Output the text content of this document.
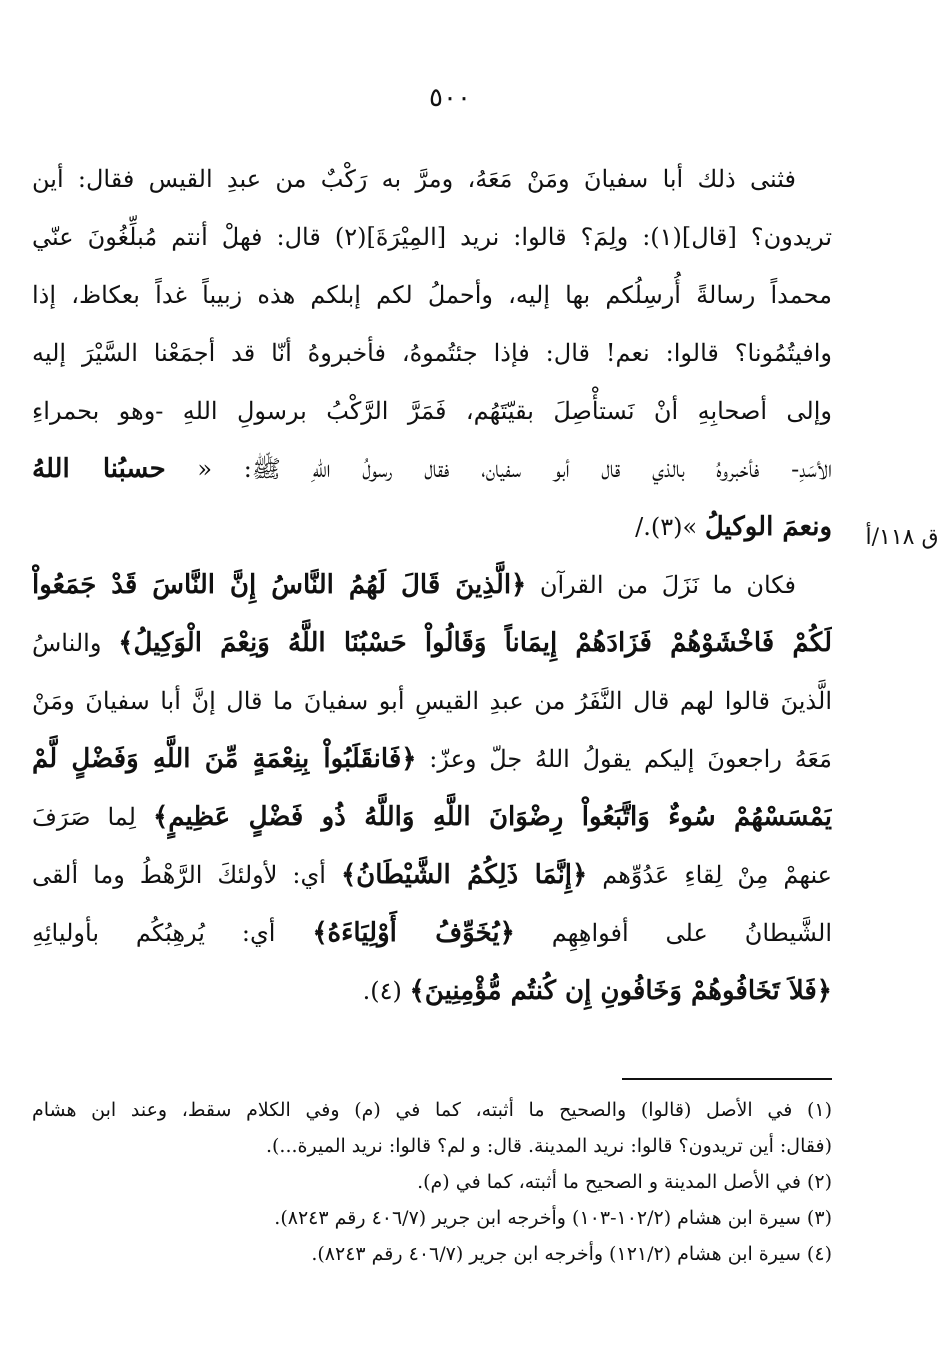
٥٠٠
ق ١١٨/أ
فثنى ذلك أبا سفيانَ ومَنْ مَعَهُ، ومرَّ به رَكْبٌ من عبدِ القيس فقال: أين
تريدون؟ [قال](١): ولِمَ؟ قالوا: نريد [المِيْرَةَ](٢) قال: فهلْ أنتم مُبلِّغُونَ عنّي
محمداً رسالةً أُرسِلُكم بها إليه، وأحملُ لكم إبلكم هذه زبيباً غداً بعكاظ، إذا
وافيتُمُونا؟ قالوا: نعم! قال: فإذا جئتُموهُ، فأخبروهُ أنّا قد أجمَعْنا السَّيْرَ إليه
وإلى أصحابِهِ أنْ نَستأْصِلَ بقيّتَهُم، فَمَرَّ الرَّكْبُ برسولِ اللهِ -وهو بحمراءِ
الأسَدِ- فأخبروهُ بالذي قال أبو سفيان، فقال رسولُ اللهِ ﷺ: « حسبُنا اللهُ
ونعمَ الوكيلُ »(٣)./
فكان ما نَزَلَ من القرآن ﴿الَّذِينَ قَالَ لَهُمُ النَّاسُ إِنَّ النَّاسَ قَدْ جَمَعُواْ
لَكُمْ فَاخْشَوْهُمْ فَزَادَهُمْ إِيمَاناً وَقَالُواْ حَسْبُنَا اللَّهُ وَنِعْمَ الْوَكِيلُ﴾ والناسُ
الَّذينَ قالوا لهم قال النَّفَرُ من عبدِ القيسِ أبو سفيانَ ما قال إنَّ أبا سفيانَ ومَنْ
مَعَهُ راجعونَ إليكم يقولُ اللهُ جلّ وعزّ: ﴿فَانقَلَبُواْ بِنِعْمَةٍ مِّنَ اللَّهِ وَفَضْلٍ لَّمْ
يَمْسَسْهُمْ سُوءٌ وَاتَّبَعُواْ رِضْوَانَ اللَّهِ وَاللَّهُ ذُو فَضْلٍ عَظِيمٍ﴾ لِما صَرَفَ
عنهمْ مِنْ لِقاءِ عَدُوِّهم ﴿إِنَّمَا ذَلِكُمُ الشَّيْطَانُ﴾ أي: لأولئكَ الرَّهْطُ وما ألقى
الشَّيطانُ على أفواهِهِم ﴿يُخَوِّفُ أَوْلِيَاءَهُ﴾ أي: يُرهِبُكُم بأوليائِهِ
﴿فَلاَ تَخَافُوهُمْ وَخَافُونِ إِن كُنتُم مُّؤْمِنِينَ﴾ (٤).
(١) في الأصل (قالوا) والصحيح ما أثبته، كما في (م) وفي الكلام سقط، وعند ابن هشام
(فقال: أين تريدون؟ قالوا: نريد المدينة. قال: و لم؟ قالوا: نريد الميرة...).
(٢) في الأصل المدينة و الصحيح ما أثبته، كما في (م).
(٣) سيرة ابن هشام (١٠٢/٢-١٠٣) وأخرجه ابن جرير (٤٠٦/٧ رقم ٨٢٤٣).
(٤) سيرة ابن هشام (١٢١/٢) وأخرجه ابن جرير (٤٠٦/٧ رقم ٨٢٤٣).
